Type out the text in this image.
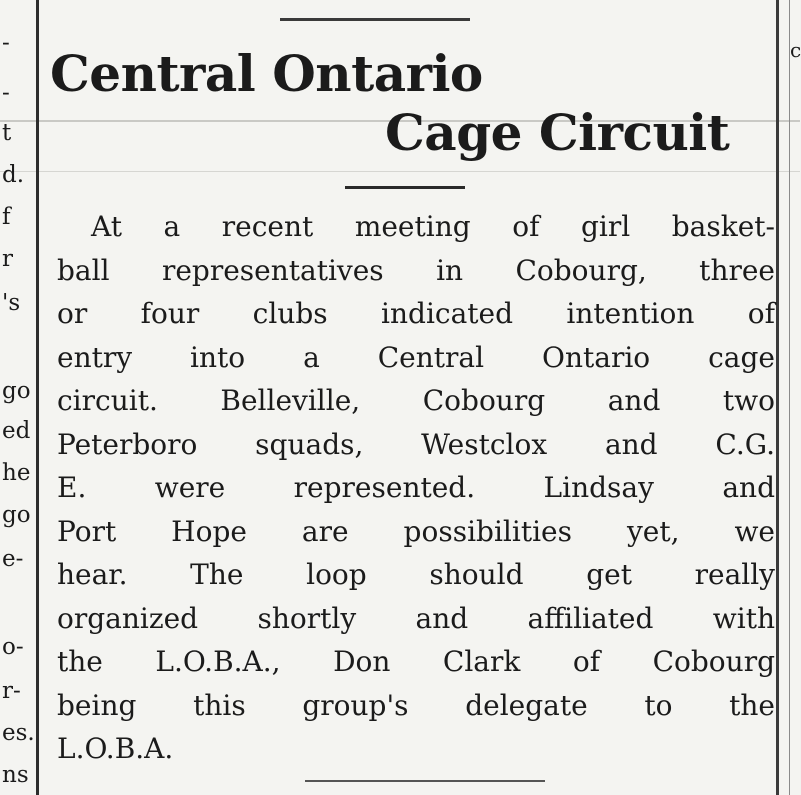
-
-
t
d.
f
r
's
go
ed
he
go
e-
o-
r-
es.
ns
c
Central Ontario
Cage Circuit
At a recent meeting of girl basket-
ball representatives in Cobourg, three
or four clubs indicated intention of
entry into a Central Ontario cage
circuit. Belleville, Cobourg and two
Peterboro squads, Westclox and C.G.
E. were represented. Lindsay and
Port Hope are possibilities yet, we
hear. The loop should get really
organized shortly and affiliated with
the L.O.B.A., Don Clark of Cobourg
being this group's delegate to the
L.O.B.A.
